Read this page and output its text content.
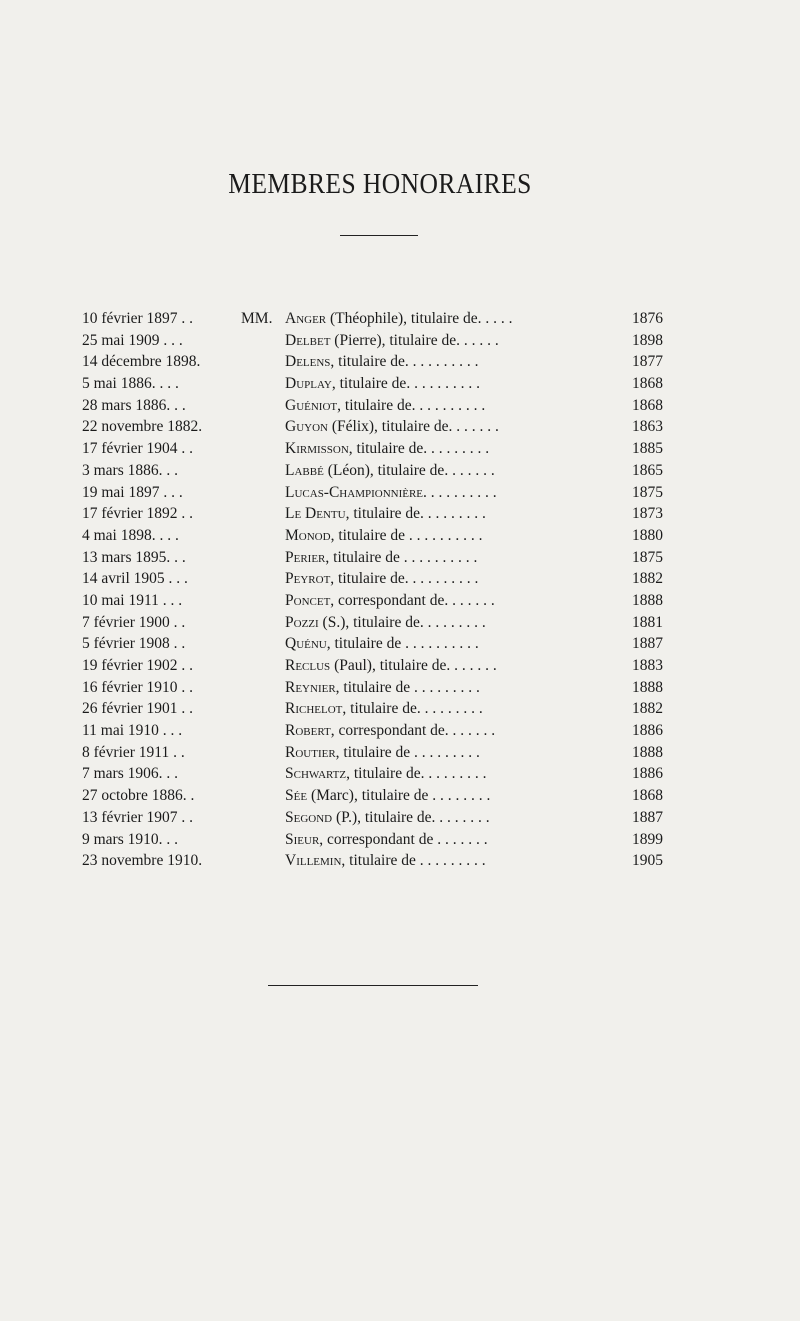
MEMBRES HONORAIRES
10 février 1897 . .	MM. Anger (Théophile), titulaire de. . . . .	1876
25 mai 1909 . . .	Delbet (Pierre), titulaire de. . . . . .	1898
14 décembre 1898.	Delens, titulaire de. . . . . . . . . .	1877
5 mai 1886. . . .	Duplay, titulaire de. . . . . . . . . .	1868
28 mars 1886. . .	Guéniot, titulaire de. . . . . . . . . .	1868
22 novembre 1882.	Guyon (Félix), titulaire de. . . . . . .	1863
17 février 1904 . .	Kirmisson, titulaire de. . . . . . . . .	1885
3 mars 1886. . .	Labbé (Léon), titulaire de. . . . . . .	1865
19 mai 1897 . . .	Lucas-Championnière. . . . . . . . . .	1875
17 février 1892 . .	Le Dentu, titulaire de. . . . . . . . .	1873
4 mai 1898. . . .	Monod, titulaire de . . . . . . . . . .	1880
13 mars 1895. . .	Perier, titulaire de . . . . . . . . . .	1875
14 avril 1905 . . .	Peyrot, titulaire de. . . . . . . . . .	1882
10 mai 1911 . . .	Poncet, correspondant de. . . . . . .	1888
7 février 1900 . .	Pozzi (S.), titulaire de. . . . . . . . .	1881
5 février 1908 . .	Quénu, titulaire de . . . . . . . . . .	1887
19 février 1902 . .	Reclus (Paul), titulaire de. . . . . . .	1883
16 février 1910 . .	Reynier, titulaire de . . . . . . . . .	1888
26 février 1901 . .	Richelot, titulaire de. . . . . . . . .	1882
11 mai 1910 . . .	Robert, correspondant de. . . . . . .	1886
8 février 1911 . .	Routier, titulaire de . . . . . . . . .	1888
7 mars 1906. . .	Schwartz, titulaire de. . . . . . . . .	1886
27 octobre 1886. .	Sée (Marc), titulaire de . . . . . . . .	1868
13 février 1907 . .	Segond (P.), titulaire de. . . . . . . .	1887
9 mars 1910. . .	Sieur, correspondant de . . . . . . .	1899
23 novembre 1910.	Villemin, titulaire de . . . . . . . . .	1905
